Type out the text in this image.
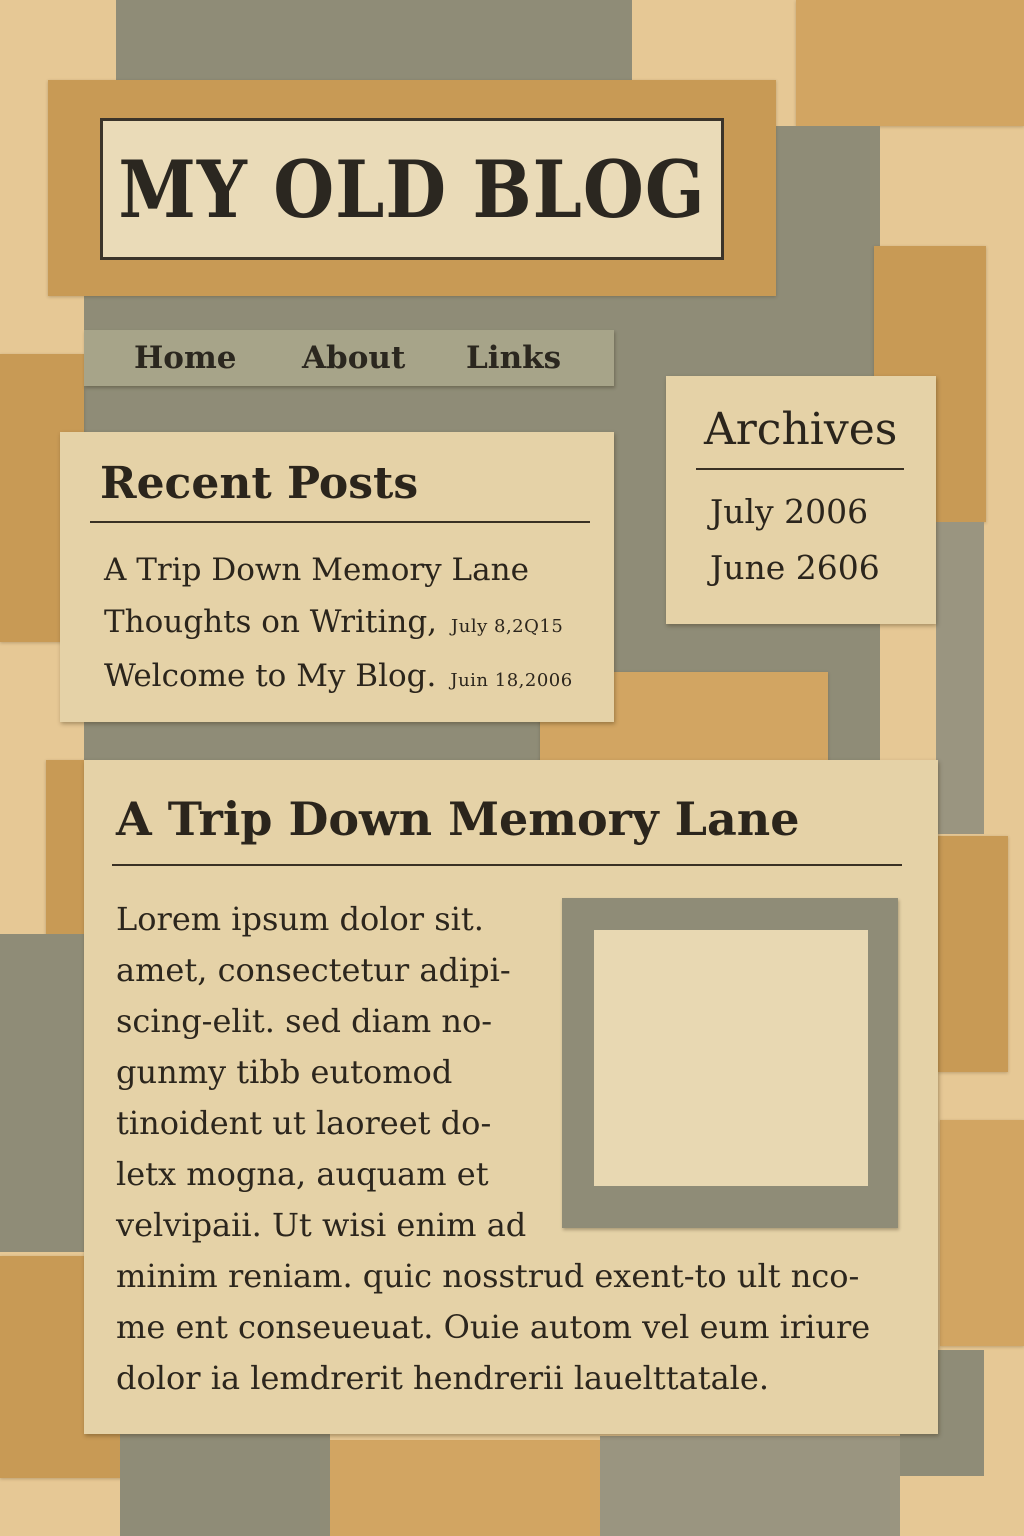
MY OLD BLOG
Home About Links
Recent Posts
A Trip Down Memory Lane
Thoughts on Writing, July 8,2Q15
Welcome to My Blog. Juin 18,2006
Archives
July 2006
June 2606
A Trip Down Memory Lane
Lorem ipsum dolor sit.
amet, consectetur adipi-
scing-elit. sed diam no-
gunmy tibb eutomod
tinoident ut laoreet do-
letx mogna, auquam et
velvipaii. Ut wisi enim ad
minim reniam. quic nosstrud exent-to ult nco-
me ent conseueuat. Ouie autom vel eum iriure
dolor ia lemdrerit hendrerii lauelttatale.
